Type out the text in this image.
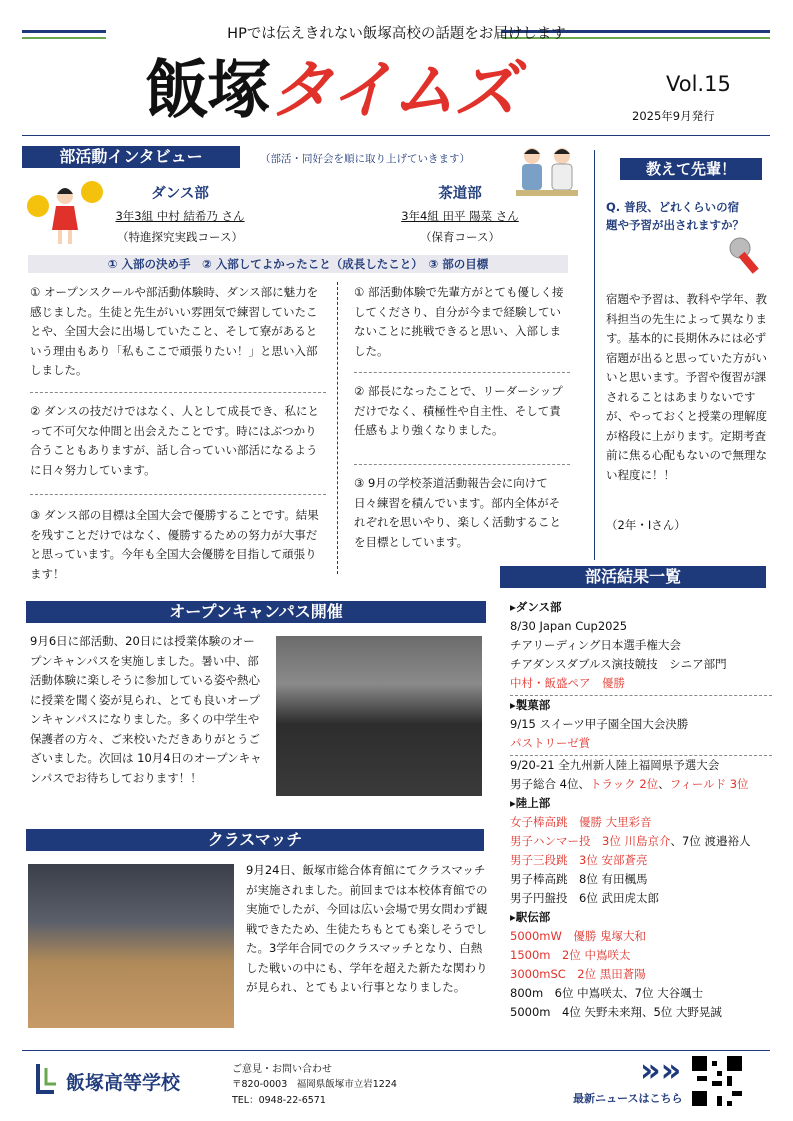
HPでは伝えきれない飯塚高校の話題をお届けします
飯塚タイムズ	Vol.15
2025年9月発行
部活動インタビュー	（部活・同好会を順に取り上げていきます）
ダンス部
3年3組 中村 結希乃 さん
（特進探究実践コース）
茶道部
3年4組 田平 陽菜 さん
（保育コース）
① 入部の決め手　② 入部してよかったこと（成長したこと）　③ 部の目標
① オープンスクールや部活動体験時、ダンス部に魅力を感じました。生徒と先生がいい雰囲気で練習していたことや、全国大会に出場していたこと、そして寮があるという理由もあり「私もここで頑張りたい！」と思い入部しました。
② ダンスの技だけではなく、人として成長でき、私にとって不可欠な仲間と出会えたことです。時にはぶつかり合うこともありますが、話し合っていい部活になるように日々努力しています。
③ ダンス部の目標は全国大会で優勝することです。結果を残すことだけではなく、優勝するための努力が大事だと思っています。今年も全国大会優勝を目指して頑張ります！
① 部活動体験で先輩方がとても優しく接してくださり、自分が今まで経験していないことに挑戦できると思い、入部しました。
② 部長になったことで、リーダーシップだけでなく、積極性や自主性、そして責任感もより強くなりました。
③ 9月の学校茶道活動報告会に向けて日々練習を積んでいます。部内全体がそれぞれを思いやり、楽しく活動することを目標としています。
教えて先輩！
Q. 普段、どれくらいの宿題や予習が出されますか？
宿題や予習は、教科や学年、教科担当の先生によって異なります。基本的に長期休みには必ず宿題が出ると思っていた方がいいと思います。予習や復習が課されることはあまりないですが、やっておくと授業の理解度が格段に上がります。定期考査前に焦る心配もないので無理ない程度に！！
（2年・Iさん）
オープンキャンパス開催
9月6日に部活動、20日には授業体験のオープンキャンパスを実施しました。暑い中、部活動体験に楽しそうに参加している姿や熱心に授業を聞く姿が見られ、とても良いオープンキャンパスになりました。多くの中学生や保護者の方々、ご来校いただきありがとうございました。次回は 10月4日のオープンキャンパスでお待ちしております！！
クラスマッチ
9月24日、飯塚市総合体育館にてクラスマッチが実施されました。前回までは本校体育館での実施でしたが、今回は広い会場で男女問わず観戦できたため、生徒たちもとても楽しそうでした。3学年合同でのクラスマッチとなり、白熱した戦いの中にも、学年を超えた新たな関わりが見られ、とてもよい行事となりました。
部活結果一覧
▸ダンス部
8/30 Japan Cup2025
チアリーディング日本選手権大会
チアダンスダブルス演技競技　シニア部門
中村・飯盛ペア　優勝
▸製菓部
9/15 スイーツ甲子園全国大会決勝
パストリーゼ賞
9/20-21 全九州新人陸上福岡県予選大会
男子総合 4位、トラック 2位、フィールド 3位
▸陸上部
女子棒高跳　優勝 大里彩音
男子ハンマー投　3位 川島京介、7位 渡邉裕人
男子三段跳　3位 安部蒼亮
男子棒高跳　8位 有田楓馬
男子円盤投　6位 武田虎太郎
▸駅伝部
5000mW　優勝 鬼塚大和
1500m　2位 中嶌咲太
3000mSC　2位 黒田蒼陽
800m　6位 中嶌咲太、7位 大谷颯士
5000m　4位 矢野未来翔、5位 大野晃誠
飯塚高等学校
ご意見・お問い合わせ
〒820-0003　福岡県飯塚市立岩1224
TEL：0948-22-6571
»»
最新ニュースはこちら
